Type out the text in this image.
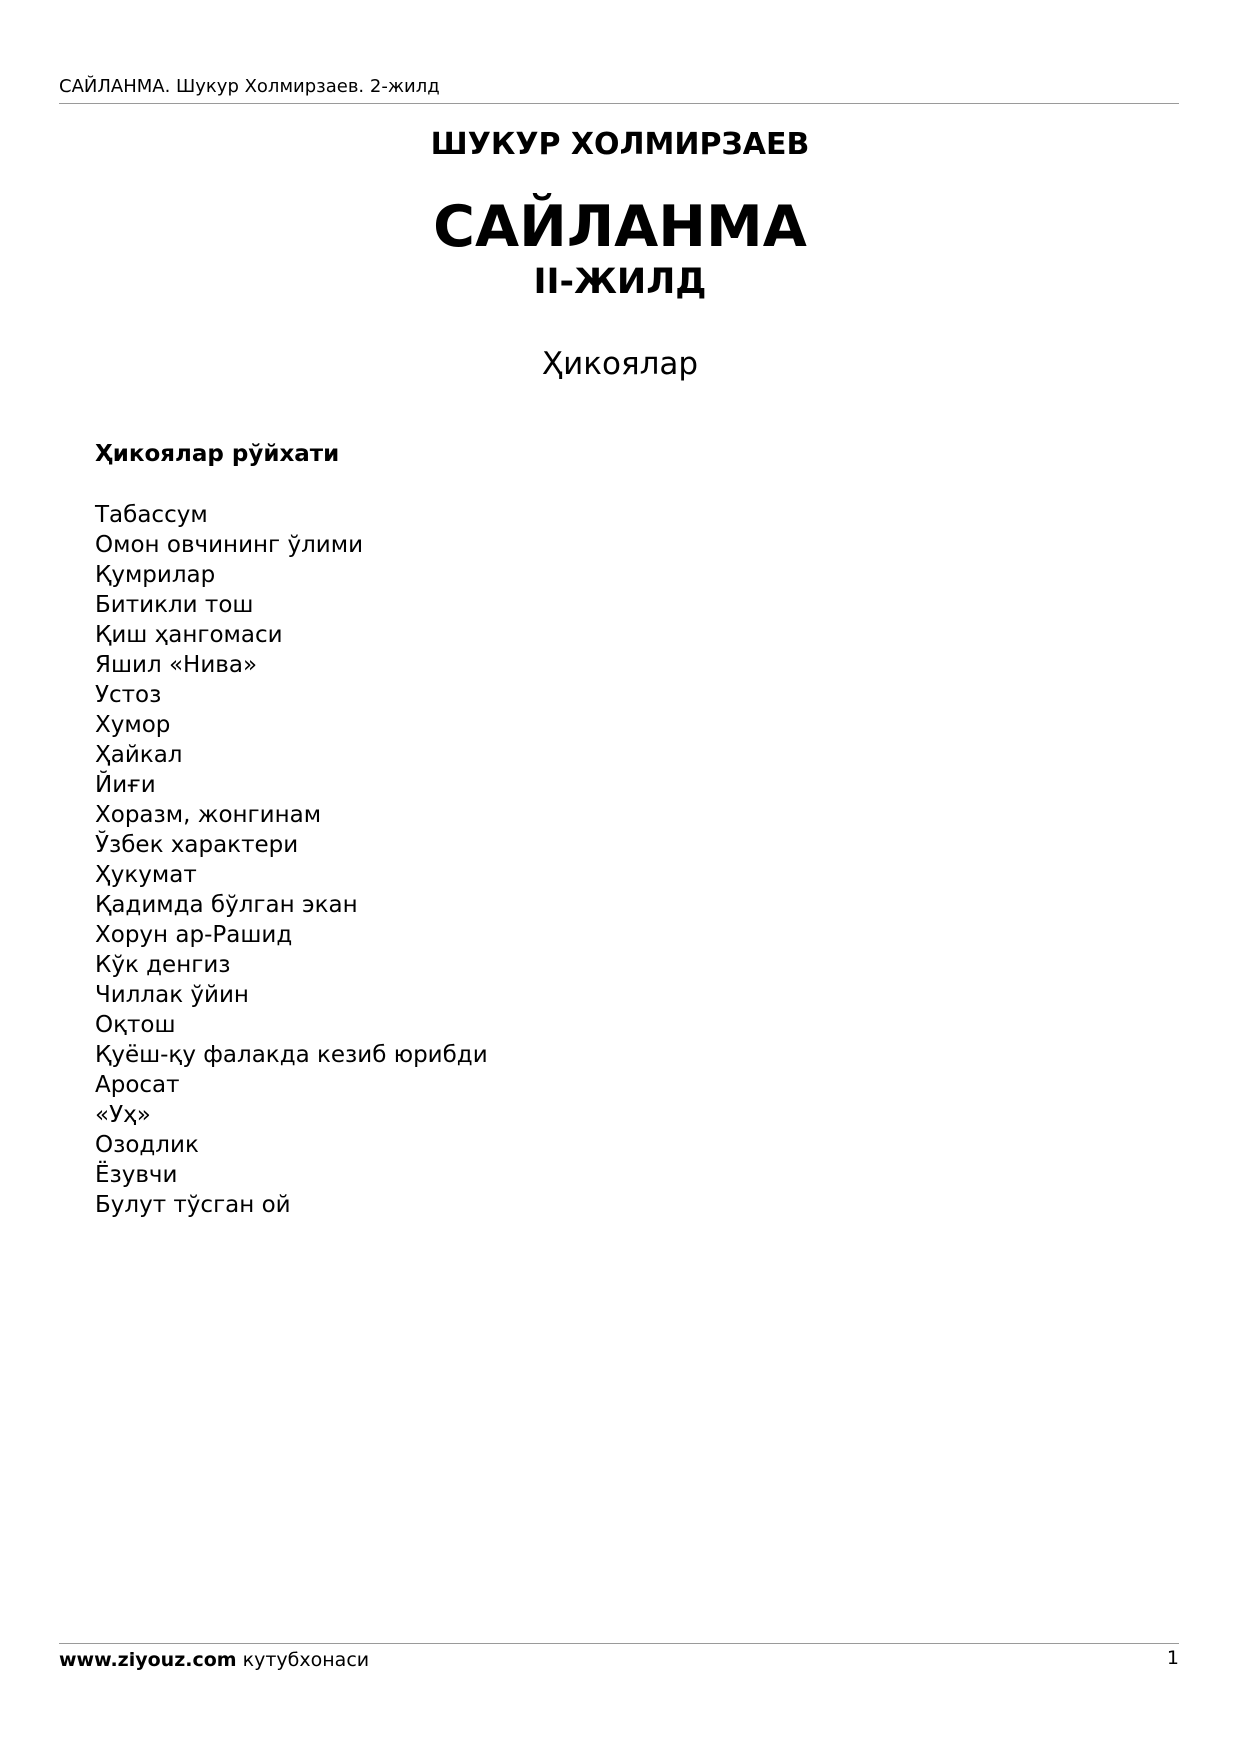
САЙЛАНМА. Шукур Холмирзаев. 2-жилд
ШУКУР ХОЛМИРЗАЕВ
САЙЛАНМА
II-ЖИЛД
Ҳикоялар
Ҳикоялар рўйхати
Табассум
Омон овчининг ўлими
Қумрилар
Битикли тош
Қиш ҳангомаси
Яшил «Нива»
Устоз
Хумор
Ҳайкал
Йиғи
Хоразм, жонгинам
Ўзбек характери
Ҳукумат
Қадимда бўлган экан
Хорун ар-Рашид
Кўк денгиз
Чиллак ўйин
Оқтош
Қуёш-қу фалакда кезиб юрибди
Аросат
«Уҳ»
Озодлик
Ёзувчи
Булут тўсган ой
www.ziyouz.com кутубхонаси	1
